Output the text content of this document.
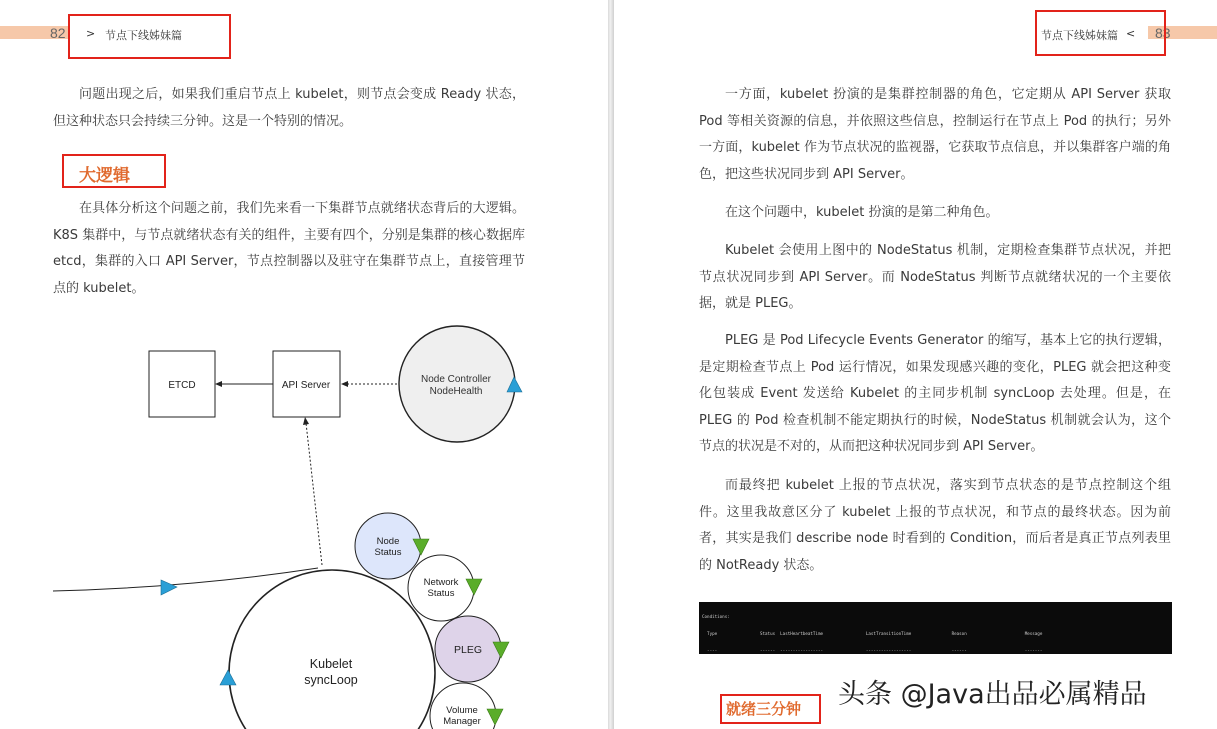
82 > 节点下线姊妹篇

问题出现之后，如果我们重启节点上 kubelet，则节点会变成 Ready 状态，但这种状态只会持续三分钟。这是一个特别的情况。

大逻辑

在具体分析这个问题之前，我们先来看一下集群节点就绪状态背后的大逻辑。K8S 集群中，与节点就绪状态有关的组件，主要有四个，分别是集群的核心数据库 etcd，集群的入口 API Server，节点控制器以及驻守在集群节点上，直接管理节点的 kubelet。

ETCD	API Server
Node Controller
NodeHealth
Kubelet
syncLoop
Node
Status
Network
Status
PLEG
Volume
Manager
节点下线姊妹篇 < 83

一方面，kubelet 扮演的是集群控制器的角色，它定期从 API Server 获取 Pod 等相关资源的信息，并依照这些信息，控制运行在节点上 Pod 的执行；另外一方面，kubelet 作为节点状况的监视器，它获取节点信息，并以集群客户端的角色，把这些状况同步到 API Server。

在这个问题中，kubelet 扮演的是第二种角色。

Kubelet 会使用上图中的 NodeStatus 机制，定期检查集群节点状况，并把节点状况同步到 API Server。而 NodeStatus 判断节点就绪状况的一个主要依据，就是 PLEG。

PLEG 是 Pod Lifecycle Events Generator 的缩写，基本上它的执行逻辑，是定期检查节点上 Pod 运行情况，如果发现感兴趣的变化，PLEG 就会把这种变化包装成 Event 发送给 Kubelet 的主同步机制 syncLoop 去处理。但是，在 PLEG 的 Pod 检查机制不能定期执行的时候，NodeStatus 机制就会认为，这个节点的状况是不对的，从而把这种状况同步到 API Server。

而最终把 kubelet 上报的节点状况，落实到节点状态的是节点控制这个组件。这里我故意区分了 kubelet 上报的节点状况，和节点的最终状态。因为前者，其实是我们 describe node 时看到的 Condition，而后者是真正节点列表里的 NotReady 状态。

Conditions:

Type                 Status  LastHeartbeatTime                 LastTransitionTime                Reason                       Message

----                 ------  -----------------                 ------------------                ------                       -------

就绪三分钟 头条 @Java出品必属精品
